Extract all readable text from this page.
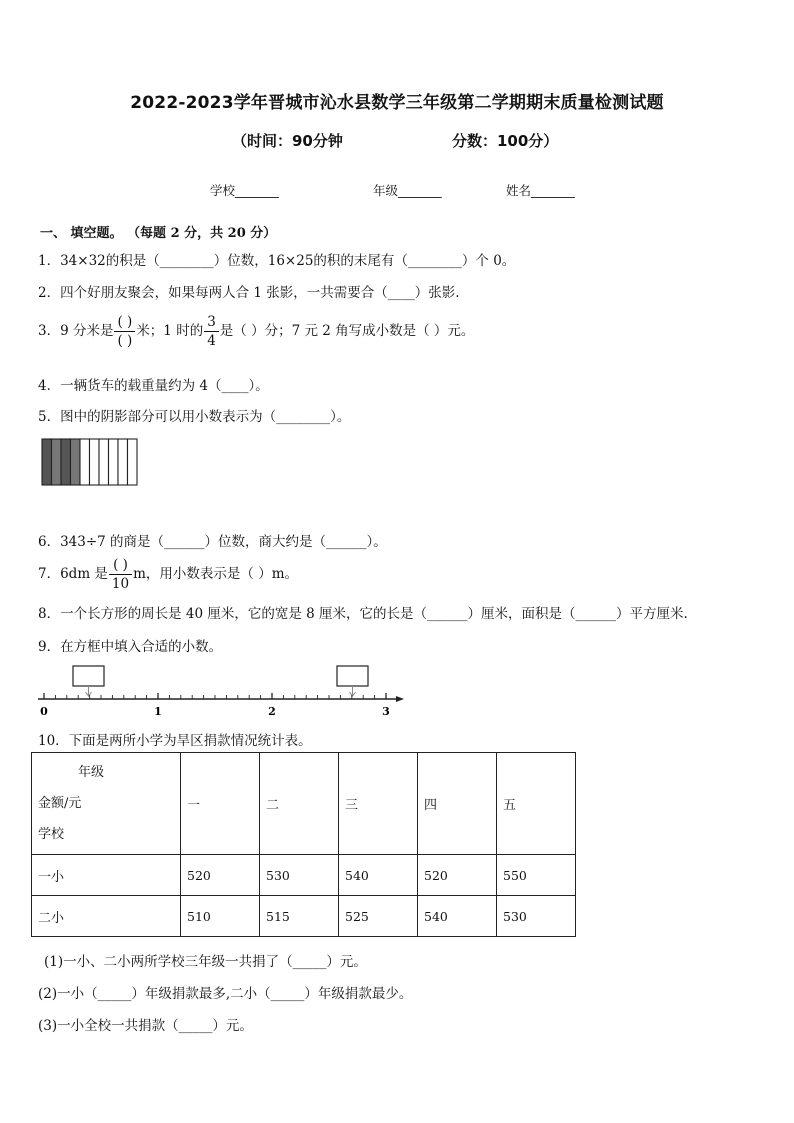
2022-2023学年晋城市沁水县数学三年级第二学期期末质量检测试题
（时间：90分钟	分数：100分）
学校_______	年级_______	姓名_______
一、 填空题。 （每题 2 分，共 20 分）
1．34×32的积是（________）位数，16×25的积的末尾有（________）个 0。
2．四个好朋友聚会，如果每两人合 1 张影，一共需要合（____）张影.
3．9 分米是 $\frac{( )}{( )}$ 米；1 时的 $\frac{3}{4}$ 是（ ）分；7 元 2 角写成小数是（ ）元。
4．一辆货车的载重量约为 4（____）。
5．图中的阴影部分可以用小数表示为（________）。
6．343÷7 的商是（______）位数，商大约是（______）。
7．6dm 是 $\frac{( )}{10}$ m，用小数表示是（ ）m。
8．一个长方形的周长是 40 厘米，它的宽是 8 厘米，它的长是（______）厘米，面积是（______）平方厘米.
9．在方框中填入合适的小数。
0	1	2	3
10．下面是两所小学为旱区捐款情况统计表。
年级
金额/元
学校	一	二	三	四	五
一小	520	530	540	520	550
二小	510	515	525	540	530
(1)一小、二小两所学校三年级一共捐了（_____）元。
(2)一小（_____）年级捐款最多,二小（_____）年级捐款最少。
(3)一小全校一共捐款（_____）元。
